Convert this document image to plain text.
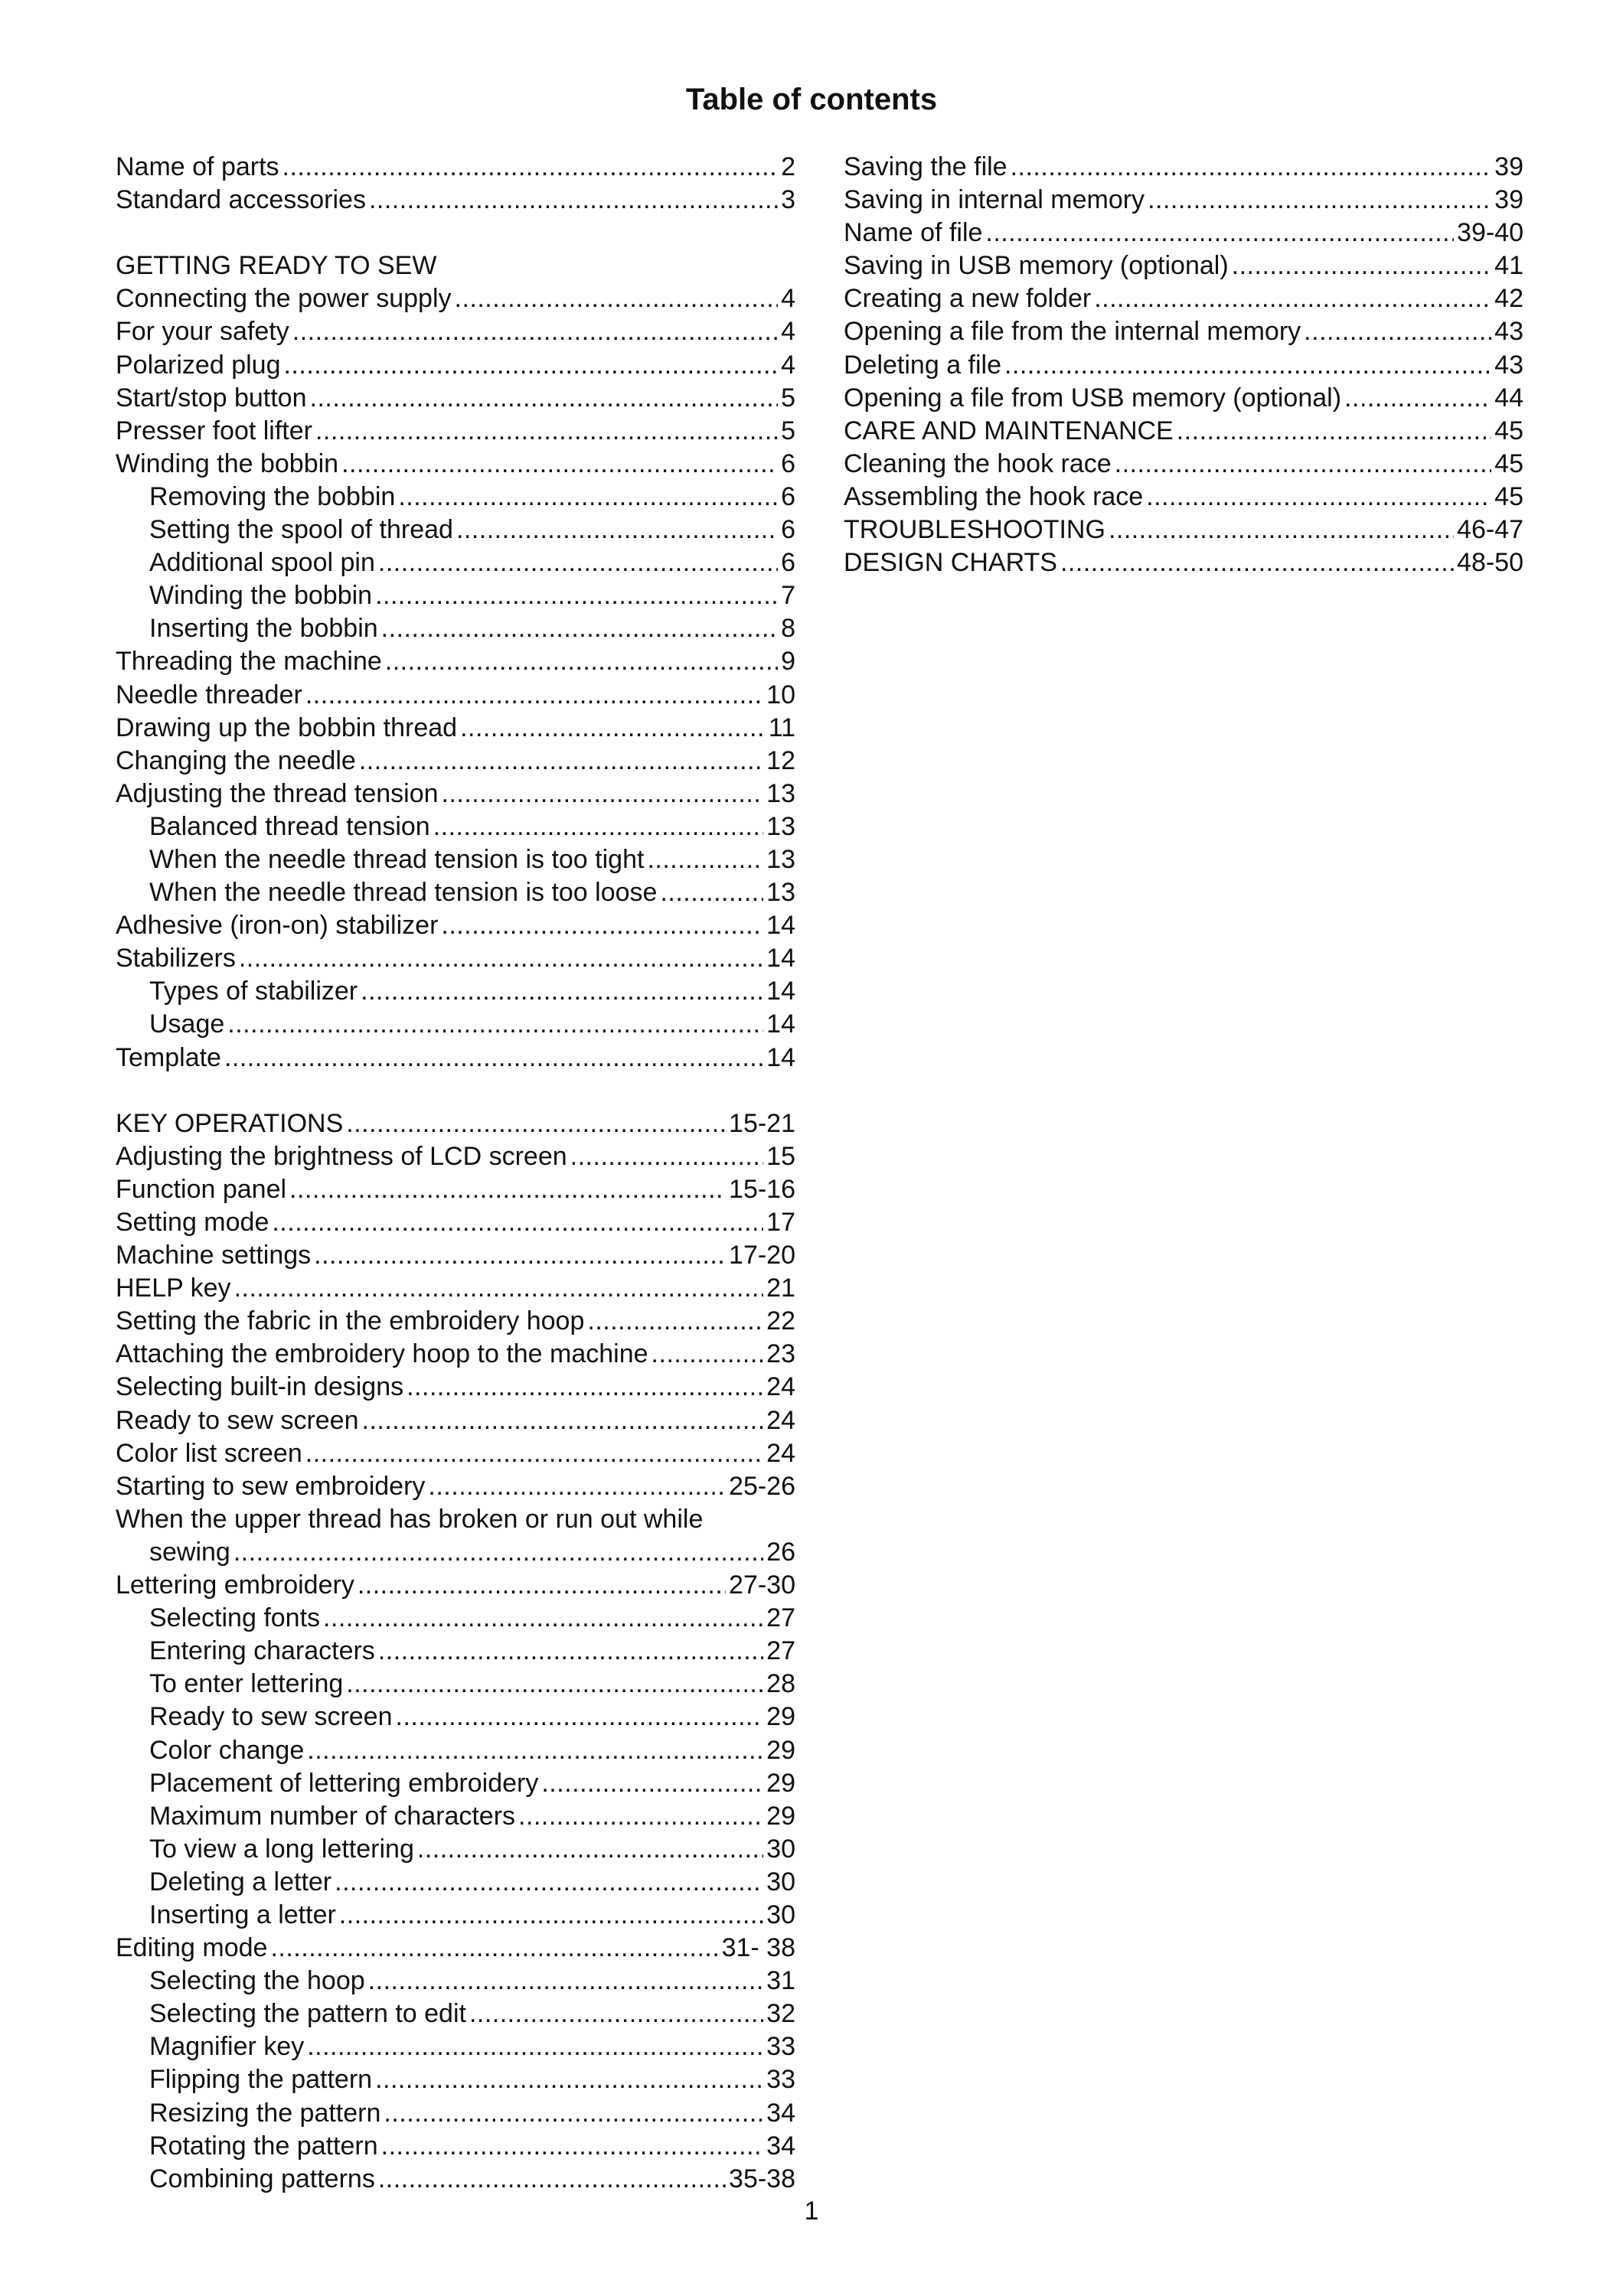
Table of contents
Name of parts .....	2
Standard accessories .....	3
GETTING READY TO SEW
Connecting the power supply .....	4
For your safety .....	4
Polarized plug .....	4
Start/stop button .....	5
Presser foot lifter .....	5
Winding the bobbin .....	6
Removing the bobbin .....	6
Setting the spool of thread .....	6
Additional spool pin .....	6
Winding the bobbin .....	7
Inserting the bobbin .....	8
Threading the machine .....	9
Needle threader .....	10
Drawing up the bobbin thread .....	11
Changing the needle .....	12
Adjusting the thread tension .....	13
Balanced thread tension .....	13
When the needle thread tension is too tight .....	13
When the needle thread tension is too loose .....	13
Adhesive (iron-on) stabilizer .....	14
Stabilizers .....	14
Types of stabilizer .....	14
Usage .....	14
Template .....	14
KEY OPERATIONS .....	15-21
Adjusting the brightness of LCD screen .....	15
Function panel .....	15-16
Setting mode .....	17
Machine settings .....	17-20
HELP key .....	21
Setting the fabric in the embroidery hoop .....	22
Attaching the embroidery hoop to the machine .....	23
Selecting built-in designs .....	24
Ready to sew screen .....	24
Color list screen .....	24
Starting to sew embroidery .....	25-26
When the upper thread has broken or run out while
sewing .....	26
Lettering embroidery .....	27-30
Selecting fonts .....	27
Entering characters .....	27
To enter lettering .....	28
Ready to sew screen .....	29
Color change .....	29
Placement of lettering embroidery .....	29
Maximum number of characters .....	29
To view a long lettering .....	30
Deleting a letter .....	30
Inserting a letter .....	30
Editing mode .....	31- 38
Selecting the hoop .....	31
Selecting the pattern to edit .....	32
Magnifier key .....	33
Flipping the pattern .....	33
Resizing the pattern .....	34
Rotating the pattern .....	34
Combining patterns .....	35-38
Saving the file .....	39
Saving in internal memory .....	39
Name of file .....	39-40
Saving in USB memory (optional) .....	41
Creating a new folder .....	42
Opening a file from the internal memory .....	43
Deleting a file .....	43
Opening a file from USB memory (optional) .....	44
CARE AND MAINTENANCE .....	45
Cleaning the hook race .....	45
Assembling the hook race .....	45
TROUBLESHOOTING .....	46-47
DESIGN CHARTS .....	48-50

1
